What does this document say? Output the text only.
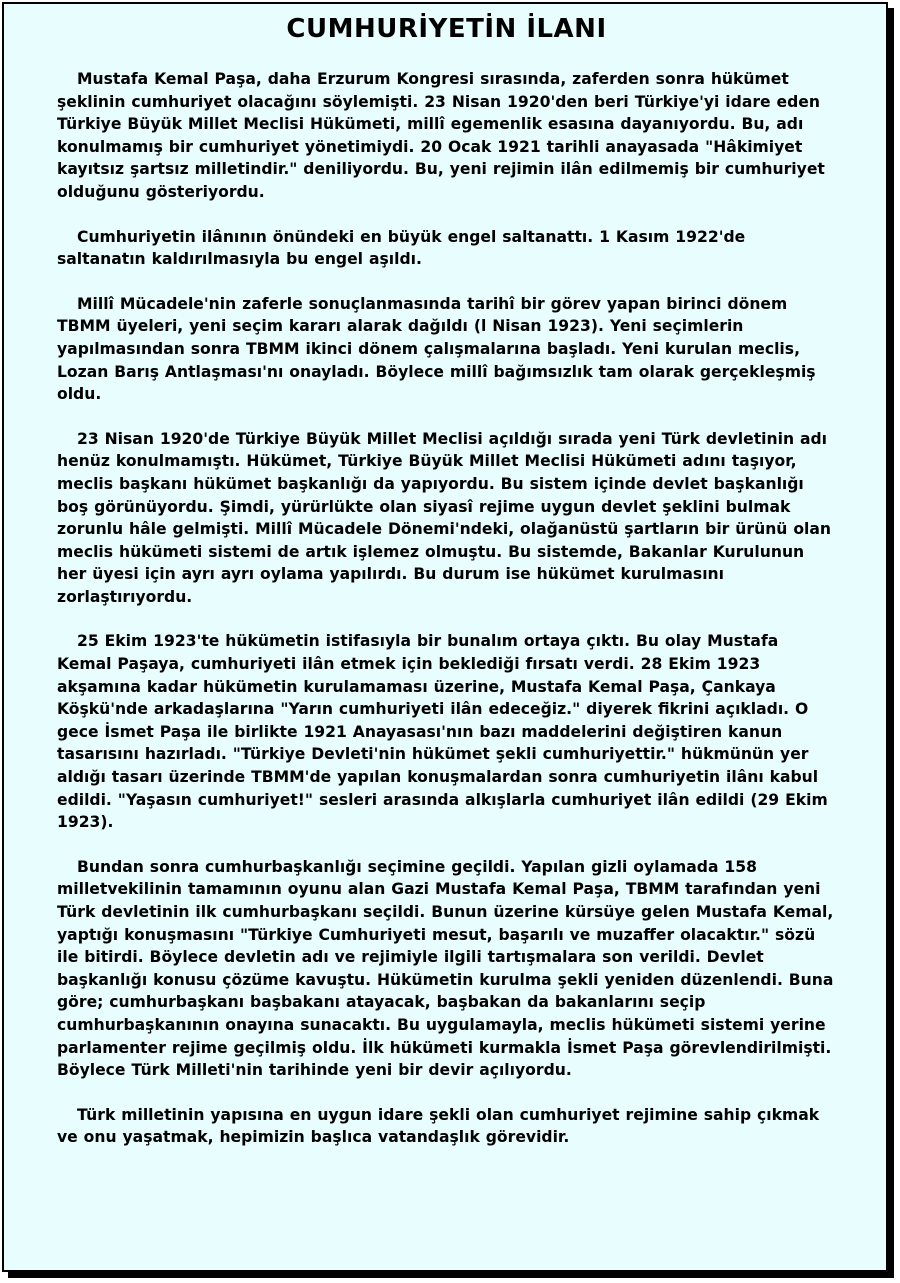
CUMHURİYETİN İLANI

Mustafa Kemal Paşa, daha Erzurum Kongresi sırasında, zaferden sonra hükümet şeklinin cumhuriyet olacağını söylemişti. 23 Nisan 1920'den beri Türkiye'yi idare eden Türkiye Büyük Millet Meclisi Hükümeti, millî egemenlik esasına dayanıyordu. Bu, adı konulmamış bir cumhuriyet yönetimiydi. 20 Ocak 1921 tarihli anayasada "Hâkimiyet kayıtsız şartsız milletindir." deniliyordu. Bu, yeni rejimin ilân edilmemiş bir cumhuriyet olduğunu gösteriyordu.

Cumhuriyetin ilânının önündeki en büyük engel saltanattı. 1 Kasım 1922'de saltanatın kaldırılmasıyla bu engel aşıldı.

Millî Mücadele'nin zaferle sonuçlanmasında tarihî bir görev yapan birinci dönem TBMM üyeleri, yeni seçim kararı alarak dağıldı (l Nisan 1923). Yeni seçimlerin yapılmasından sonra TBMM ikinci dönem çalışmalarına başladı. Yeni kurulan meclis, Lozan Barış Antlaşması'nı onayladı. Böylece millî bağımsızlık tam olarak gerçekleşmiş oldu.

23 Nisan 1920'de Türkiye Büyük Millet Meclisi açıldığı sırada yeni Türk devletinin adı henüz konulmamıştı. Hükümet, Türkiye Büyük Millet Meclisi Hükümeti adını taşıyor, meclis başkanı hükümet başkanlığı da yapıyordu. Bu sistem içinde devlet başkanlığı boş görünüyordu. Şimdi, yürürlükte olan siyasî rejime uygun devlet şeklini bulmak zorunlu hâle gelmişti. Millî Mücadele Dönemi'ndeki, olağanüstü şartların bir ürünü olan meclis hükümeti sistemi de artık işlemez olmuştu. Bu sistemde, Bakanlar Kurulunun her üyesi için ayrı ayrı oylama yapılırdı. Bu durum ise hükümet kurulmasını zorlaştırıyordu.

25 Ekim 1923'te hükümetin istifasıyla bir bunalım ortaya çıktı. Bu olay Mustafa Kemal Paşaya, cumhuriyeti ilân etmek için beklediği fırsatı verdi. 28 Ekim 1923 akşamına kadar hükümetin kurulamaması üzerine, Mustafa Kemal Paşa, Çankaya Köşkü'nde arkadaşlarına "Yarın cumhuriyeti ilân edeceğiz." diyerek fikrini açıkladı. O gece İsmet Paşa ile birlikte 1921 Anayasası'nın bazı maddelerini değiştiren kanun tasarısını hazırladı. "Türkiye Devleti'nin hükümet şekli cumhuriyettir." hükmünün yer aldığı tasarı üzerinde TBMM'de yapılan konuşmalardan sonra cumhuriyetin ilânı kabul edildi. "Yaşasın cumhuriyet!" sesleri arasında alkışlarla cumhuriyet ilân edildi (29 Ekim 1923).

Bundan sonra cumhurbaşkanlığı seçimine geçildi. Yapılan gizli oylamada 158 milletvekilinin tamamının oyunu alan Gazi Mustafa Kemal Paşa, TBMM tarafından yeni Türk devletinin ilk cumhurbaşkanı seçildi. Bunun üzerine kürsüye gelen Mustafa Kemal, yaptığı konuşmasını "Türkiye Cumhuriyeti mesut, başarılı ve muzaffer olacaktır." sözü ile bitirdi. Böylece devletin adı ve rejimiyle ilgili tartışmalara son verildi. Devlet başkanlığı konusu çözüme kavuştu. Hükümetin kurulma şekli yeniden düzenlendi. Buna göre; cumhurbaşkanı başbakanı atayacak, başbakan da bakanlarını seçip cumhurbaşkanının onayına sunacaktı. Bu uygulamayla, meclis hükümeti sistemi yerine parlamenter rejime geçilmiş oldu. İlk hükümeti kurmakla İsmet Paşa görevlendirilmişti. Böylece Türk Milleti'nin tarihinde yeni bir devir açılıyordu.

Türk milletinin yapısına en uygun idare şekli olan cumhuriyet rejimine sahip çıkmak ve onu yaşatmak, hepimizin başlıca vatandaşlık görevidir.
